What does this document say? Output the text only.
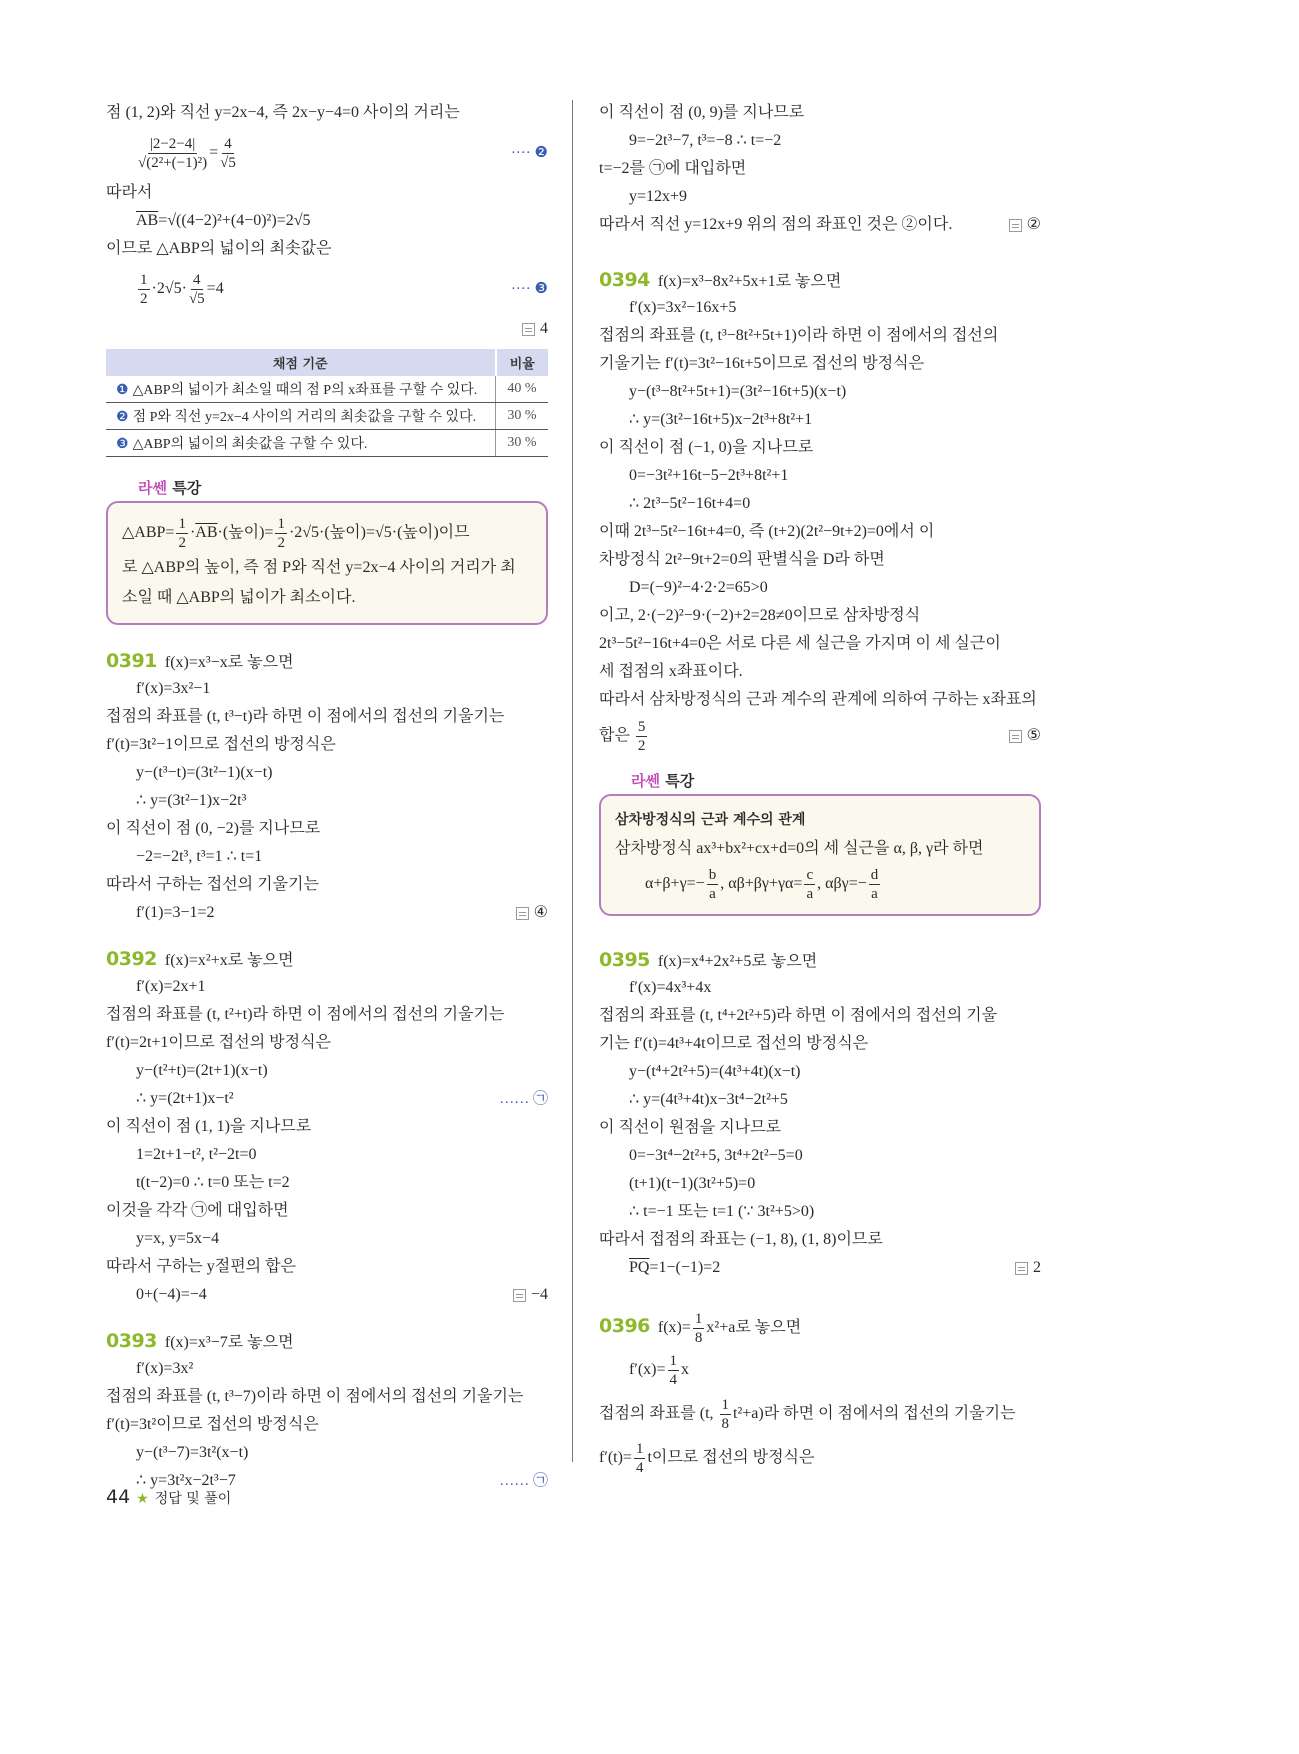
점 (1, 2)와 직선 y=2x−4, 즉 2x−y−4=0 사이의 거리는
$\frac{|2-2-4|}{\text{√(2²+(−1)²)}} = \frac{4}{√5}$	···· ❷
따라서
$\overline{AB}=√((4-2)^2+(4-0)^2)=2√5$
이므로 △ABP의 넓이의 최솟값은
$\frac{1}{2} \cdot 2√5\cdot \frac{4}{√5} =4$	···· ❸
4
채점 기준	비율
❶ △ABP의 넓이가 최소일 때의 점 P의 x좌표를 구할 수 있다.	40 %
❷ 점 P와 직선 y=2x−4 사이의 거리의 최솟값을 구할 수 있다.	30 %
❸ △ABP의 넓이의 최솟값을 구할 수 있다.	30 %
라쎈 특강
△ABP= $\frac{1}{2} \cdot\overline{AB}\cdot$(높이)= $\frac{1}{2} \cdot 2√5\cdot$(높이)=√5·(높이)이므
로 △ABP의 높이, 즉 점 P와 직선 y=2x−4 사이의 거리가 최
소일 때 △ABP의 넓이가 최소이다.
0391 f(x)=x³−x로 놓으면
f′(x)=3x²−1
접점의 좌표를 (t, t³−t)라 하면 이 점에서의 접선의 기울기는
f′(t)=3t²−1이므로 접선의 방정식은
y−(t³−t)=(3t²−1)(x−t)
∴ y=(3t²−1)x−2t³
이 직선이 점 (0, −2)를 지나므로
−2=−2t³, t³=1 ∴ t=1
따라서 구하는 접선의 기울기는
f′(1)=3−1=2	④
0392 f(x)=x²+x로 놓으면
f′(x)=2x+1
접점의 좌표를 (t, t²+t)라 하면 이 점에서의 접선의 기울기는
f′(t)=2t+1이므로 접선의 방정식은
y−(t²+t)=(2t+1)(x−t)
∴ y=(2t+1)x−t²	…… ㉠
이 직선이 점 (1, 1)을 지나므로
1=2t+1−t², t²−2t=0
t(t−2)=0 ∴ t=0 또는 t=2
이것을 각각 ㉠에 대입하면
y=x, y=5x−4
따라서 구하는 y절편의 합은
0+(−4)=−4	−4
0393 f(x)=x³−7로 놓으면
f′(x)=3x²
접점의 좌표를 (t, t³−7)이라 하면 이 점에서의 접선의 기울기는
f′(t)=3t²이므로 접선의 방정식은
y−(t³−7)=3t²(x−t)
∴ y=3t²x−2t³−7	…… ㉠
이 직선이 점 (0, 9)를 지나므로
9=−2t³−7, t³=−8 ∴ t=−2
t=−2를 ㉠에 대입하면
y=12x+9
따라서 직선 y=12x+9 위의 점의 좌표인 것은 ②이다.	②
0394 f(x)=x³−8x²+5x+1로 놓으면
f′(x)=3x²−16x+5
접점의 좌표를 (t, t³−8t²+5t+1)이라 하면 이 점에서의 접선의
기울기는 f′(t)=3t²−16t+5이므로 접선의 방정식은
y−(t³−8t²+5t+1)=(3t²−16t+5)(x−t)
∴ y=(3t²−16t+5)x−2t³+8t²+1
이 직선이 점 (−1, 0)을 지나므로
0=−3t²+16t−5−2t³+8t²+1
∴ 2t³−5t²−16t+4=0
이때 2t³−5t²−16t+4=0, 즉 (t+2)(2t²−9t+2)=0에서 이
차방정식 2t²−9t+2=0의 판별식을 D라 하면
D=(−9)²−4·2·2=65>0
이고, 2·(−2)²−9·(−2)+2=28≠0이므로 삼차방정식
2t³−5t²−16t+4=0은 서로 다른 세 실근을 가지며 이 세 실근이
세 접점의 x좌표이다.
따라서 삼차방정식의 근과 계수의 관계에 의하여 구하는 x좌표의
합은 $\frac{5}{2}$	⑤
라쎈 특강
삼차방정식의 근과 계수의 관계
삼차방정식 ax³+bx²+cx+d=0의 세 실근을 α, β, γ라 하면
$\alpha+\beta+\gamma=- \frac{b}{a}$ , $\alpha\beta+\beta\gamma+\gamma\alpha= \frac{c}{a}$ , $\alpha\beta\gamma=- \frac{d}{a}$
0395 f(x)=x⁴+2x²+5로 놓으면
f′(x)=4x³+4x
접점의 좌표를 (t, t⁴+2t²+5)라 하면 이 점에서의 접선의 기울
기는 f′(t)=4t³+4t이므로 접선의 방정식은
y−(t⁴+2t²+5)=(4t³+4t)(x−t)
∴ y=(4t³+4t)x−3t⁴−2t²+5
이 직선이 원점을 지나므로
0=−3t⁴−2t²+5, 3t⁴+2t²−5=0
(t+1)(t−1)(3t²+5)=0
∴ t=−1 또는 t=1 (∵ 3t²+5>0)
따라서 접점의 좌표는 (−1, 8), (1, 8)이므로
$\overline{PQ}=1-(-1)=2$	2
0396 $f(x)= \frac{1}{8} x^2+a$로 놓으면
$f'(x)= \frac{1}{4}$ x
접점의 좌표를 (t, $\frac{1}{8} t^2+a$)라 하면 이 점에서의 접선의 기울기는
$f'(t)= \frac{1}{4}$ t이므로 접선의 방정식은
44 ★ 정답 및 풀이
